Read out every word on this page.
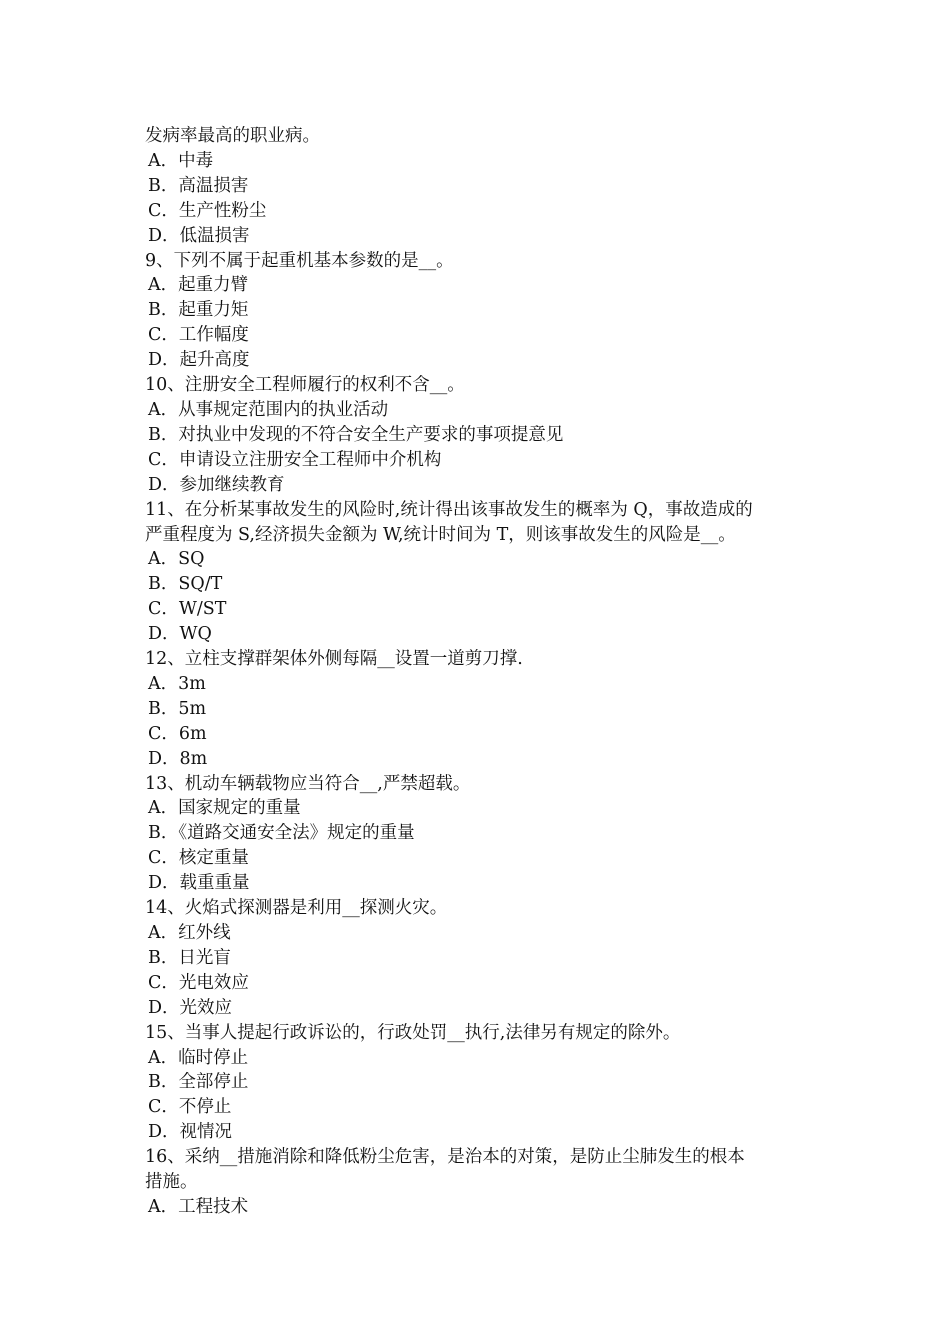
发病率最高的职业病。
A．中毒
B．高温损害
C．生产性粉尘
D．低温损害
9、下列不属于起重机基本参数的是__。
A．起重力臂
B．起重力矩
C．工作幅度
D．起升高度
10、注册安全工程师履行的权利不含__。
A．从事规定范围内的执业活动
B．对执业中发现的不符合安全生产要求的事项提意见
C．申请设立注册安全工程师中介机构
D．参加继续教育
11、在分析某事故发生的风险时,统计得出该事故发生的概率为 Q，事故造成的
严重程度为 S,经济损失金额为 W,统计时间为 T，则该事故发生的风险是__。
A．SQ
B．SQ/T
C．W/ST
D．WQ
12、立柱支撑群架体外侧每隔__设置一道剪刀撑.
A．3m
B．5m
C．6m
D．8m
13、机动车辆载物应当符合__,严禁超载。
A．国家规定的重量
B．《道路交通安全法》规定的重量
C．核定重量
D．载重重量
14、火焰式探测器是利用__探测火灾。
A．红外线
B．日光盲
C．光电效应
D．光效应
15、当事人提起行政诉讼的，行政处罚__执行,法律另有规定的除外。
A．临时停止
B．全部停止
C．不停止
D．视情况
16、采纳__措施消除和降低粉尘危害，是治本的对策，是防止尘肺发生的根本
措施。
A．工程技术
